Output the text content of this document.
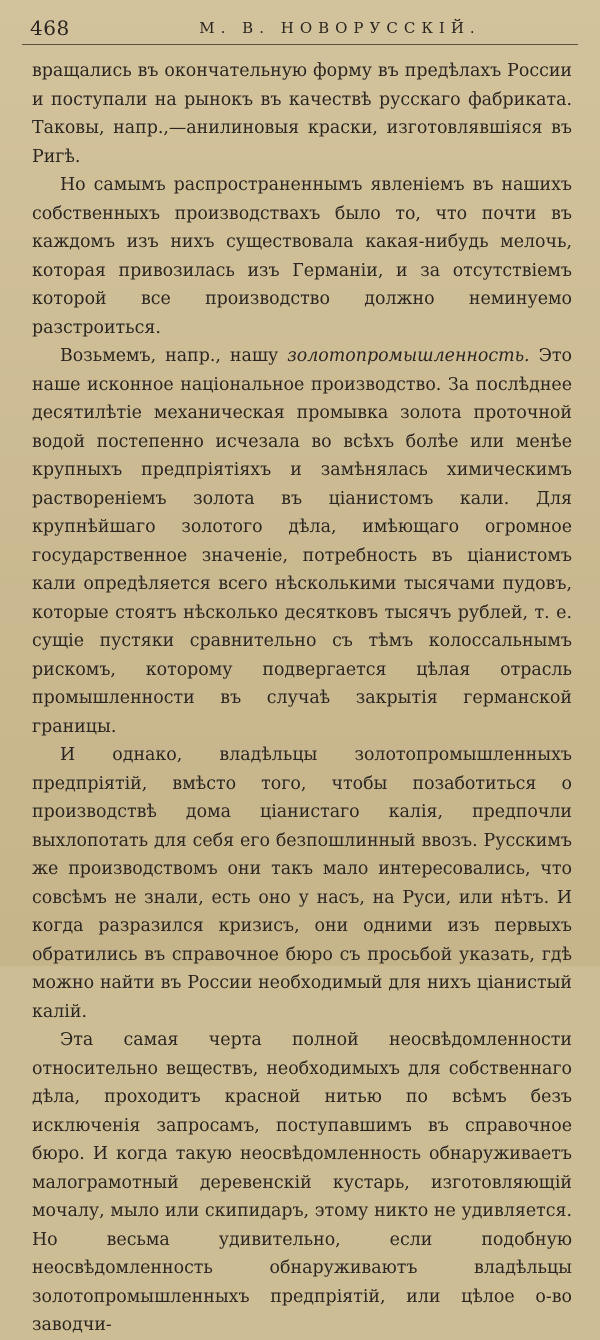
468	М. В. НОВОРУССКІЙ.

вращались въ окончательную форму въ предѣлахъ России и поступали на рынокъ въ качествѣ русскаго фабриката. Таковы, напр.,—анилиновыя краски, изготовлявшіяся въ Ригѣ.

Но самымъ распространеннымъ явленіемъ въ нашихъ собственныхъ производствахъ было то, что почти въ каждомъ изъ нихъ существовала какая-нибудь мелочь, которая привозилась изъ Германіи, и за отсутствіемъ которой все производство должно неминуемо разстроиться.

Возьмемъ, напр., нашу золотопромышленность. Это наше исконное національное производство. За послѣднее десятилѣтіе механическая промывка золота проточной водой постепенно исчезала во всѣхъ болѣе или менѣе крупныхъ предпріятіяхъ и замѣнялась химическимъ растворенiемъ золота въ ціанистомъ кали. Для крупнѣйшаго золотого дѣла, имѣющаго огромное государственное значеніе, потребность въ ціанистомъ кали опредѣляется всего нѣсколькими тысячами пудовъ, которые стоятъ нѣсколько десятковъ тысячъ рублей, т. е. сущіе пустяки сравнительно съ тѣмъ колоссальнымъ рискомъ, которому подвергается цѣлая отрасль промышленности въ случаѣ закрытія германской границы.

И однако, владѣльцы золотопромышленныхъ предпріятій, вмѣсто того, чтобы позаботиться о производствѣ дома ціанистаго калія, предпочли выхлопотать для себя его безпошлинный ввозъ. Русскимъ же производствомъ они такъ мало интересовались, что совсѣмъ не знали, есть оно у насъ, на Руси, или нѣтъ. И когда разразился кризисъ, они одними изъ первыхъ обратились въ справочное бюро съ просьбой указать, гдѣ можно найти въ России необходимый для нихъ ціанистый калій.

Эта самая черта полной неосвѣдомленности относительно веществъ, необходимыхъ для собственнаго дѣла, проходитъ красной нитью по всѣмъ безъ исключенія запросамъ, поступавшимъ въ справочное бюро. И когда такую неосвѣдомленность обнаруживаетъ малограмотный деревенскій кустарь, изготовляющій мочалу, мыло или скипидаръ, этому никто не удивляется. Но весьма удивительно, если подобную неосвѣдомленность обнаруживаютъ владѣльцы золотопромышленныхъ предпріятій, или цѣлое о-во заводчи-
